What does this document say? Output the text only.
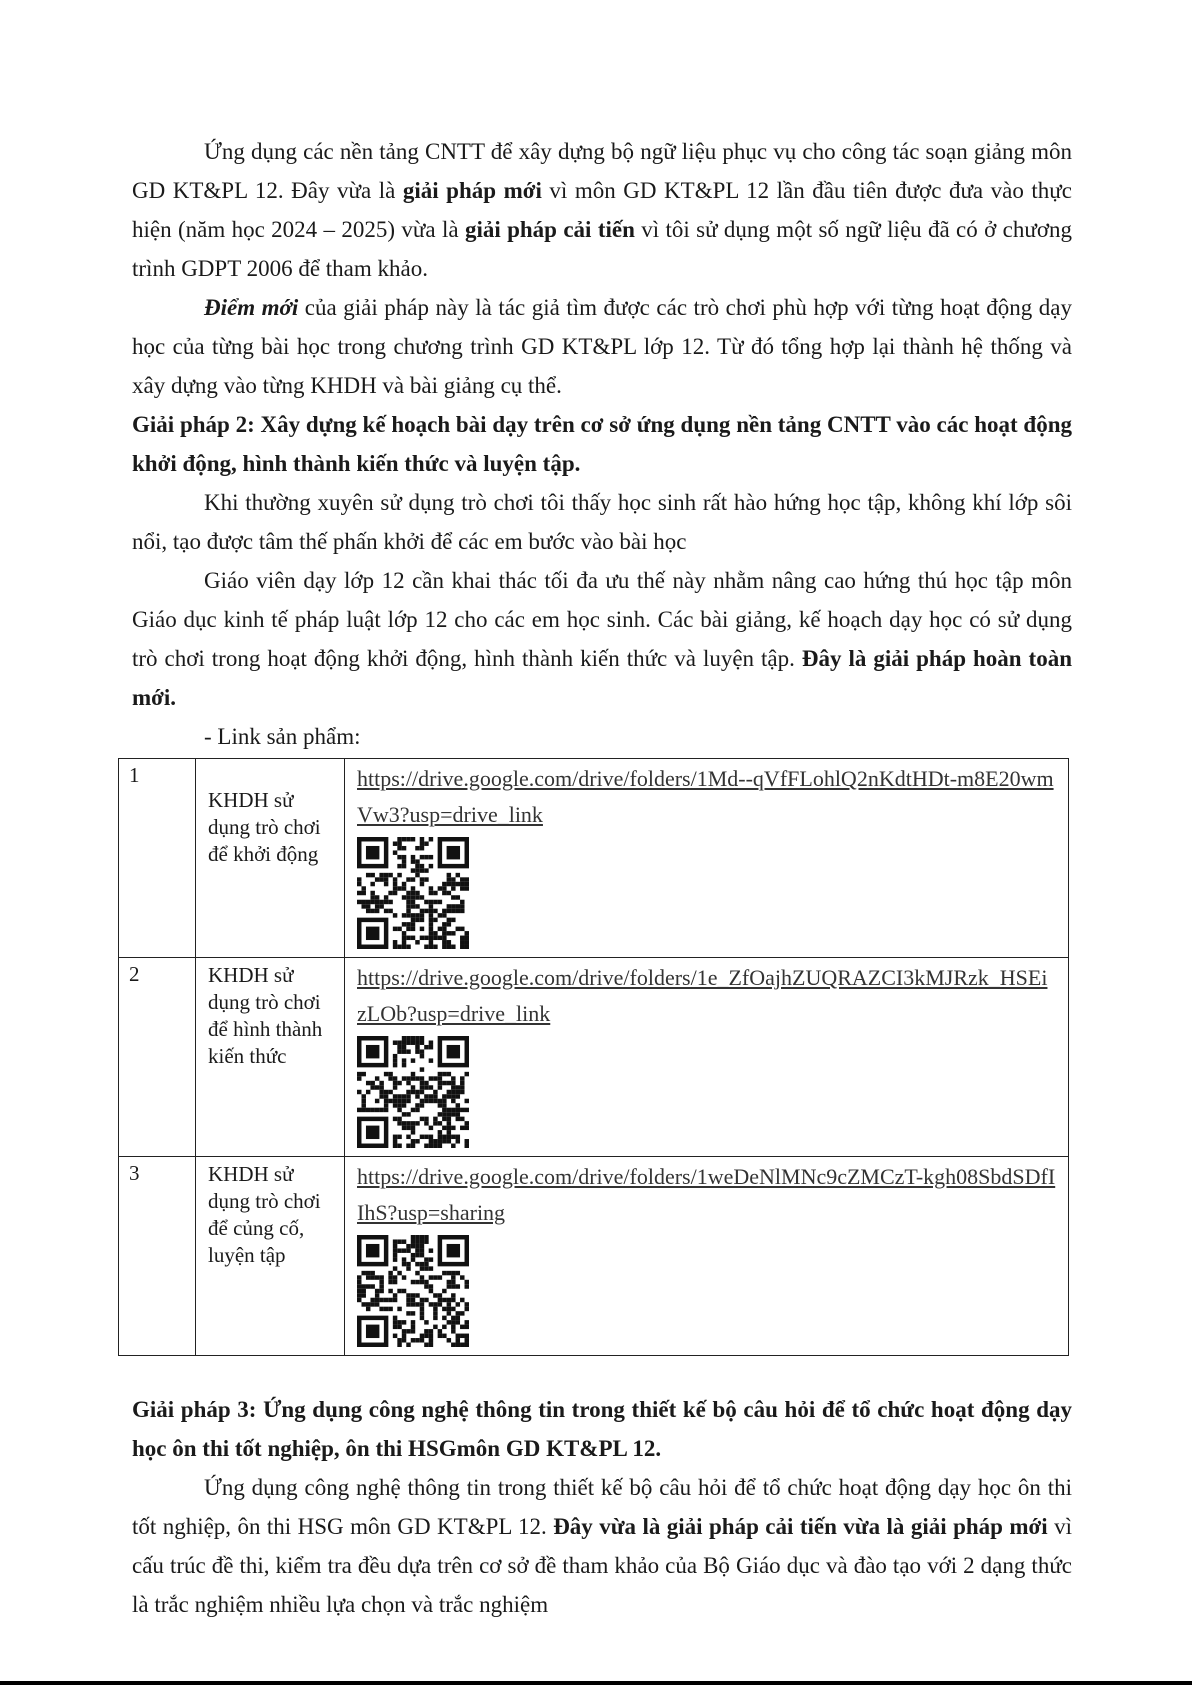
Ứng dụng các nền tảng CNTT để xây dựng bộ ngữ liệu phục vụ cho công tác soạn giảng môn GD KT&PL 12. Đây vừa là giải pháp mới vì môn GD KT&PL 12 lần đầu tiên được đưa vào thực hiện (năm học 2024 – 2025) vừa là giải pháp cải tiến vì tôi sử dụng một số ngữ liệu đã có ở chương trình GDPT 2006 để tham khảo.

Điểm mới của giải pháp này là tác giả tìm được các trò chơi phù hợp với từng hoạt động dạy học của từng bài học trong chương trình GD KT&PL lớp 12. Từ đó tổng hợp lại thành hệ thống và xây dựng vào từng KHDH và bài giảng cụ thể.

Giải pháp 2: Xây dựng kế hoạch bài dạy trên cơ sở ứng dụng nền tảng CNTT vào các hoạt động khởi động, hình thành kiến thức và luyện tập.

Khi thường xuyên sử dụng trò chơi tôi thấy học sinh rất hào hứng học tập, không khí lớp sôi nổi, tạo được tâm thế phấn khởi để các em bước vào bài học

Giáo viên dạy lớp 12 cần khai thác tối đa ưu thế này nhằm nâng cao hứng thú học tập môn Giáo dục kinh tế pháp luật lớp 12 cho các em học sinh. Các bài giảng, kế hoạch dạy học có sử dụng trò chơi trong hoạt động khởi động, hình thành kiến thức và luyện tập. Đây là giải pháp hoàn toàn mới.

- Link sản phẩm:

1	KHDH sử dụng trò chơi để khởi động	https://drive.google.com/drive/folders/1Md--qVfFLohlQ2nKdtHDt-m8E20wmVw3?usp=drive_link

2	KHDH sử dụng trò chơi để hình thành kiến thức	https://drive.google.com/drive/folders/1e_ZfOajhZUQRAZCI3kMJRzk_HSEizLOb?usp=drive_link

3	KHDH sử dụng trò chơi để củng cố, luyện tập	https://drive.google.com/drive/folders/1weDeNlMNc9cZMCzT-kgh08SbdSDfIIhS?usp=sharing

Giải pháp 3: Ứng dụng công nghệ thông tin trong thiết kế bộ câu hỏi để tổ chức hoạt động dạy học ôn thi tốt nghiệp, ôn thi HSGmôn GD KT&PL 12.

Ứng dụng công nghệ thông tin trong thiết kế bộ câu hỏi để tổ chức hoạt động dạy học ôn thi tốt nghiệp, ôn thi HSG môn GD KT&PL 12. Đây vừa là giải pháp cải tiến vừa là giải pháp mới vì cấu trúc đề thi, kiểm tra đều dựa trên cơ sở đề tham khảo của Bộ Giáo dục và đào tạo với 2 dạng thức là trắc nghiệm nhiều lựa chọn và trắc nghiệm
